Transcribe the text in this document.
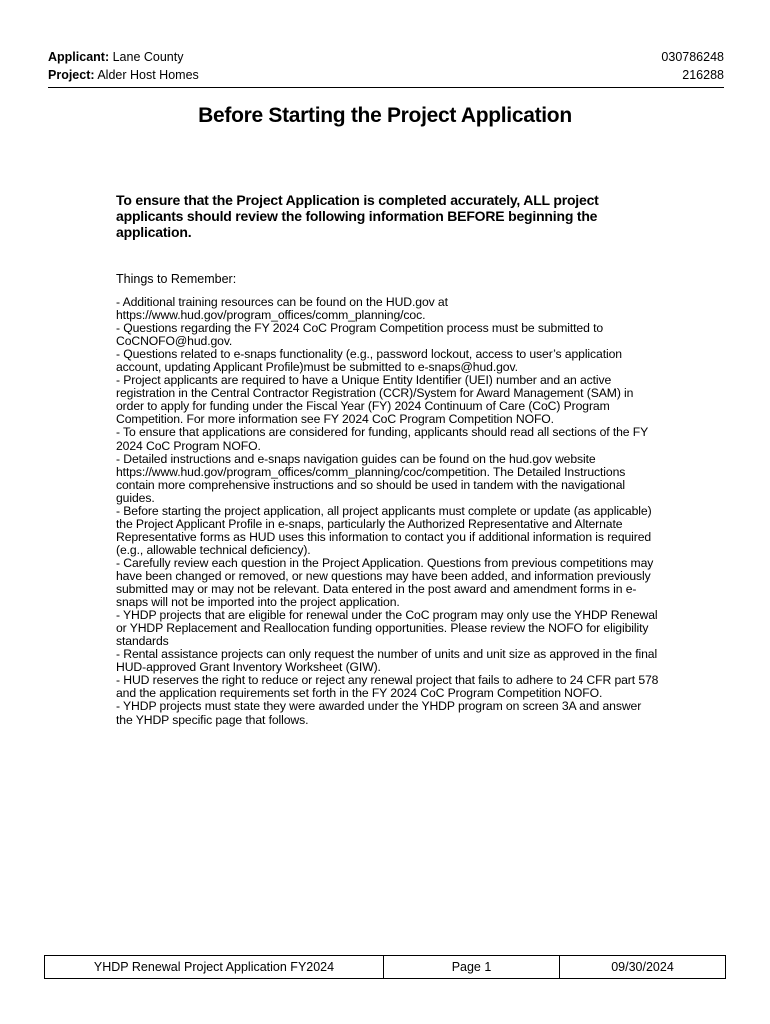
Applicant: Lane County	030786248
Project: Alder Host Homes	216288
Before Starting the Project Application
To ensure that the Project Application is completed accurately, ALL project applicants should review the following information BEFORE beginning the application.
Things to Remember:

- Additional training resources can be found on the HUD.gov at https://www.hud.gov/program_offices/comm_planning/coc.

- Questions regarding the FY 2024 CoC Program Competition process must be submitted to CoCNOFO@hud.gov.

- Questions related to e-snaps functionality (e.g., password lockout, access to user’s application account, updating Applicant Profile)must be submitted to e-snaps@hud.gov.

- Project applicants are required to have a Unique Entity Identifier (UEI) number and an active registration in the Central Contractor Registration (CCR)/System for Award Management (SAM) in order to apply for funding under the Fiscal Year (FY) 2024 Continuum of Care (CoC) Program Competition. For more information see FY 2024 CoC Program Competition NOFO.

- To ensure that applications are considered for funding, applicants should read all sections of the FY 2024 CoC Program NOFO.

- Detailed instructions and e-snaps navigation guides can be found on the hud.gov website https://www.hud.gov/program_offices/comm_planning/coc/competition. The Detailed Instructions contain more comprehensive instructions and so should be used in tandem with the navigational guides.

- Before starting the project application, all project applicants must complete or update (as applicable) the Project Applicant Profile in e-snaps, particularly the Authorized Representative and Alternate Representative forms as HUD uses this information to contact you if additional information is required (e.g., allowable technical deficiency).

- Carefully review each question in the Project Application. Questions from previous competitions may have been changed or removed, or new questions may have been added, and information previously submitted may or may not be relevant. Data entered in the post award and amendment forms in e-snaps will not be imported into the project application.

- YHDP projects that are eligible for renewal under the CoC program may only use the YHDP Renewal or YHDP Replacement and Reallocation funding opportunities. Please review the NOFO for eligibility standards

- Rental assistance projects can only request the number of units and unit size as approved in the final HUD-approved Grant Inventory Worksheet (GIW).

- HUD reserves the right to reduce or reject any renewal project that fails to adhere to 24 CFR part 578 and the application requirements set forth in the FY 2024 CoC Program Competition NOFO.

- YHDP projects must state they were awarded under the YHDP program on screen 3A and answer the YHDP specific page that follows.

YHDP Renewal Project Application FY2024	Page 1	09/30/2024
